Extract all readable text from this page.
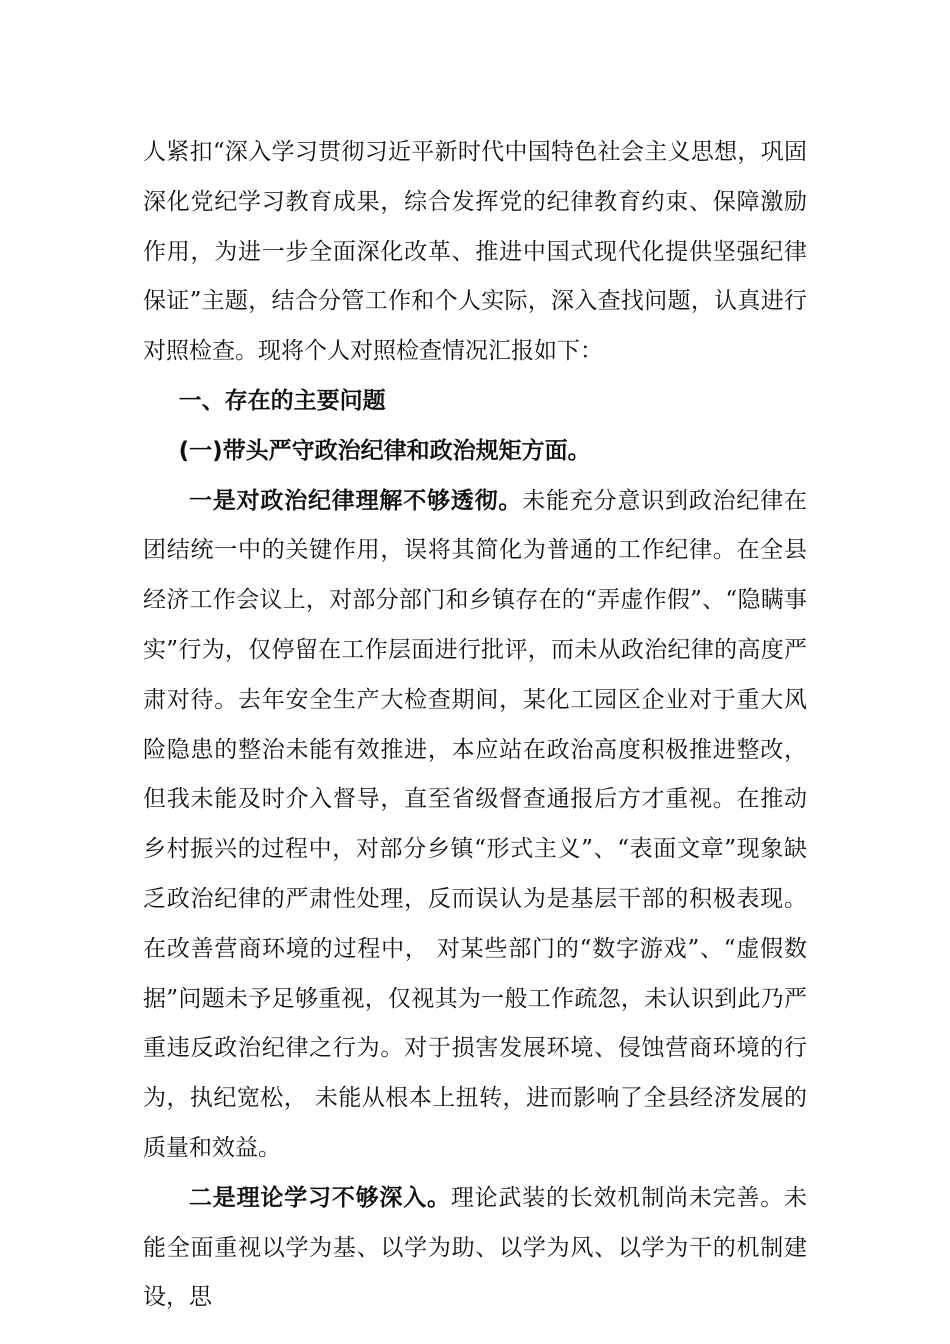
人紧扣“深入学习贯彻习近平新时代中国特色社会主义思想，巩固深化党纪学习教育成果，综合发挥党的纪律教育约束、保障激励作用，为进一步全面深化改革、推进中国式现代化提供坚强纪律保证”主题，结合分管工作和个人实际，深入查找问题，认真进行对照检查。现将个人对照检查情况汇报如下：

一、存在的主要问题

(一)带头严守政治纪律和政治规矩方面。

一是对政治纪律理解不够透彻。未能充分意识到政治纪律在团结统一中的关键作用，误将其简化为普通的工作纪律。在全县经济工作会议上，对部分部门和乡镇存在的“弄虚作假”、“隐瞒事实”行为，仅停留在工作层面进行批评，而未从政治纪律的高度严肃对待。去年安全生产大检查期间，某化工园区企业对于重大风险隐患的整治未能有效推进，本应站在政治高度积极推进整改，但我未能及时介入督导，直至省级督查通报后方才重视。在推动乡村振兴的过程中，对部分乡镇“形式主义”、“表面文章”现象缺乏政治纪律的严肃性处理，反而误认为是基层干部的积极表现。在改善营商环境的过程中， 对某些部门的“数字游戏”、“虚假数据”问题未予足够重视，仅视其为一般工作疏忽，未认识到此乃严重违反政治纪律之行为。对于损害发展环境、侵蚀营商环境的行为，执纪宽松， 未能从根本上扭转，进而影响了全县经济发展的质量和效益。

二是理论学习不够深入。理论武装的长效机制尚未完善。未能全面重视以学为基、以学为助、以学为风、以学为干的机制建设，思
